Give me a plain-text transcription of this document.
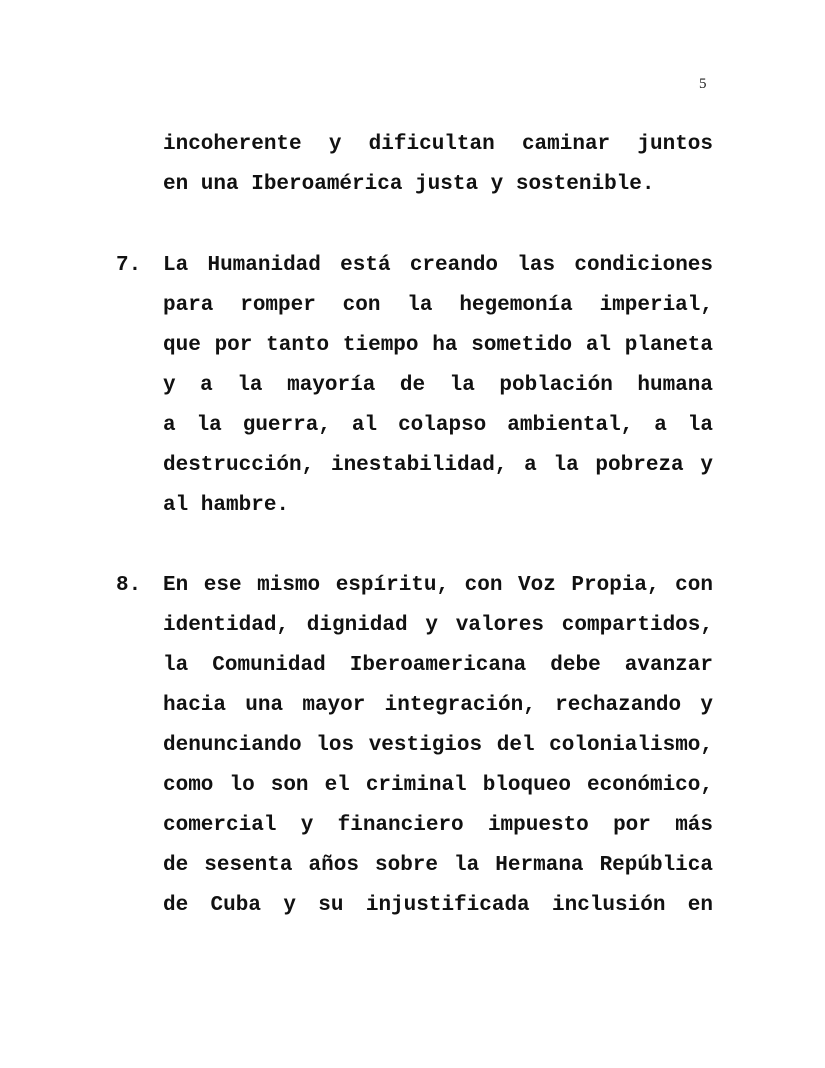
5
incoherente y dificultan caminar juntos
en una Iberoamérica justa y sostenible.
7. La Humanidad está creando las condiciones
para romper con la hegemonía imperial,
que por tanto tiempo ha sometido al planeta
y a la mayoría de la población humana
a la guerra, al colapso ambiental, a la
destrucción, inestabilidad, a la pobreza y
al hambre.
8. En ese mismo espíritu, con Voz Propia, con
identidad, dignidad y valores compartidos,
la Comunidad Iberoamericana debe avanzar
hacia una mayor integración, rechazando y
denunciando los vestigios del colonialismo,
como lo son el criminal bloqueo económico,
comercial y financiero impuesto por más
de sesenta años sobre la Hermana República
de Cuba y su injustificada inclusión en
